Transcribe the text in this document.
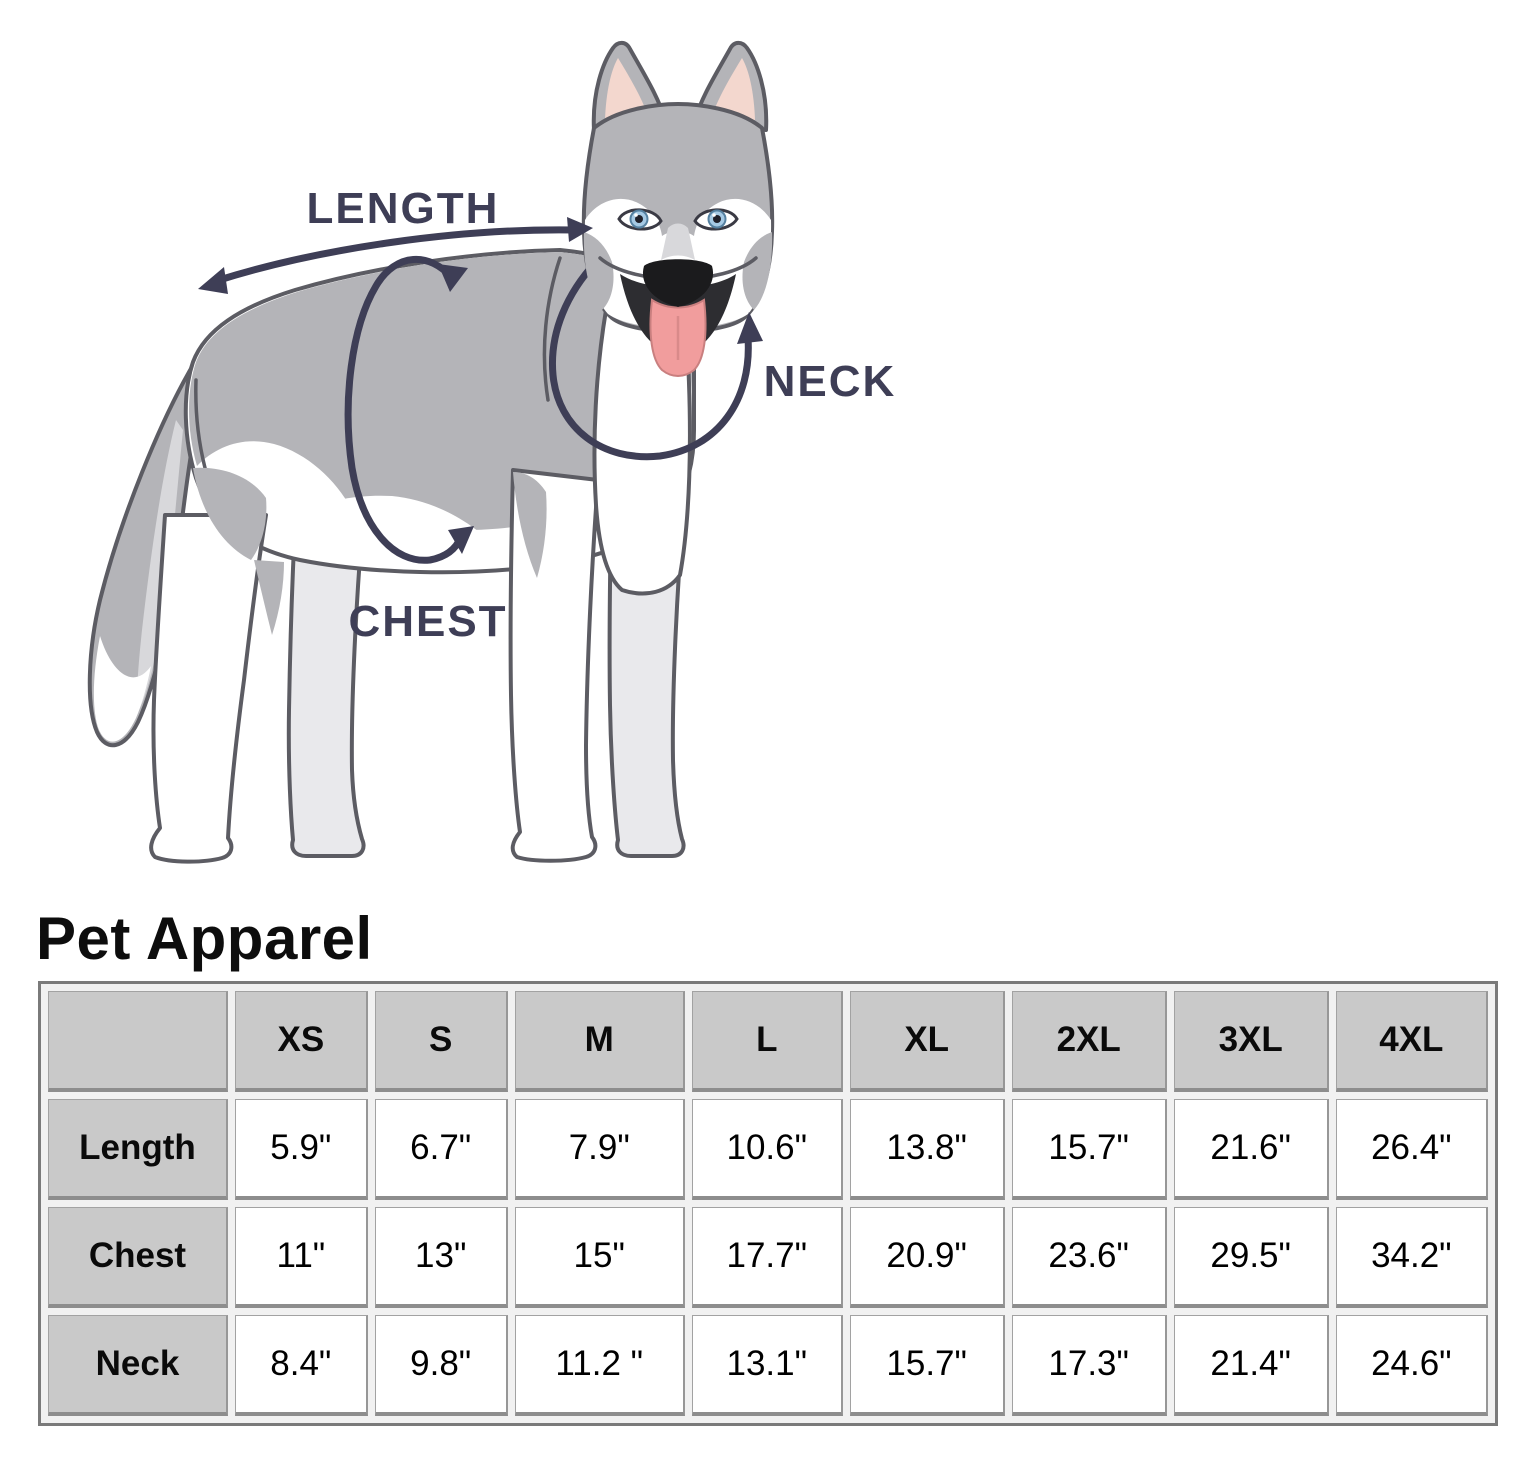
LENGTH
NECK
CHEST
Pet Apparel
	XS	S	M	L	XL	2XL	3XL	4XL
Length	5.9"	6.7"	7.9"	10.6"	13.8"	15.7"	21.6"	26.4"
Chest	11"	13"	15"	17.7"	20.9"	23.6"	29.5"	34.2"
Neck	8.4"	9.8"	11.2 "	13.1"	15.7"	17.3"	21.4"	24.6"
